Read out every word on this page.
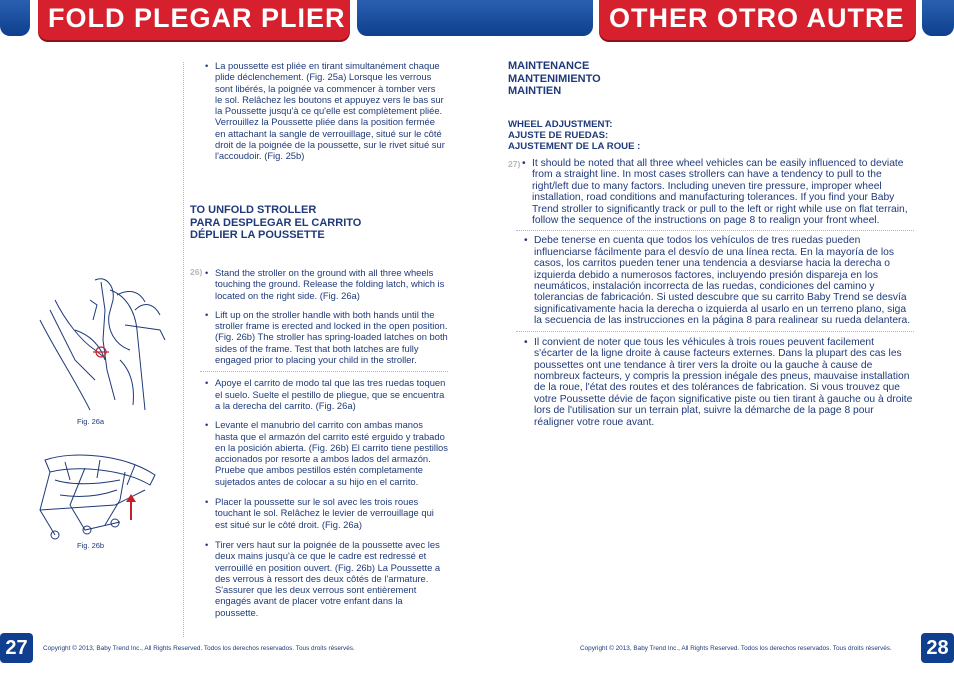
FOLD PLEGAR PLIER	OTHER OTRO AUTRE

• La poussette est pliée en tirant simultanément chaque plide déclenchement. (Fig. 25a) Lorsque les verrous sont libérés, la poignée va commencer à tomber vers le sol. Relâchez les boutons et appuyez vers le bas sur la Poussette jusqu'à ce qu'elle est complètement pliée. Verrouillez la Poussette pliée dans la position fermée en attachant la sangle de verrouillage, situé sur le côté droit de la poignée de la poussette, sur le rivet situé sur l'accoudoir. (Fig. 25b)

TO UNFOLD STROLLER

PARA DESPLEGAR EL CARRITO

DÉPLIER LA POUSSETTE

26)	• Stand the stroller on the ground with all three wheels touching the ground. Release the folding latch, which is located on the right side. (Fig. 26a)

• Lift up on the stroller handle with both hands until the stroller frame is erected and locked in the open position. (Fig. 26b) The stroller has spring-loaded latches on both sides of the frame. Test that both latches are fully engaged prior to placing your child in the stroller.

• Apoye el carrito de modo tal que las tres ruedas toquen el suelo. Suelte el pestillo de pliegue, que se encuentra a la derecha del carrito. (Fig. 26a)

• Levante el manubrio del carrito con ambas manos hasta que el armazón del carrito esté erguido y trabado en la posición abierta. (Fig. 26b) El carrito tiene pestillos accionados por resorte a ambos lados del armazón. Pruebe que ambos pestillos estén completamente sujetados antes de colocar a su hijo en el carrito.

• Placer la poussette sur le sol avec les trois roues touchant le sol. Relâchez le levier de verrouillage qui est situé sur le côté droit. (Fig. 26a)

• Tirer vers haut sur la poignée de la poussette avec les deux mains jusqu'à ce que le cadre est redressé et verrouillé en position ouvert. (Fig. 26b) La Poussette a des verrous à ressort des deux côtés de l'armature. S'assurer que les deux verrous sont entièrement engagés avant de placer votre enfant dans la poussette.

Fig. 26a
Fig. 26b
27	Copyright © 2013, Baby Trend Inc., All Rights Reserved. Todos los derechos reservados. Tous droits réservés.

MAINTENANCE

MANTENIMIENTO

MAINTIEN

WHEEL ADJUSTMENT:

AJUSTE DE RUEDAS:

AJUSTEMENT DE LA ROUE :

27)	• It should be noted that all three wheel vehicles can be easily influenced to deviate from a straight line. In most cases strollers can have a tendency to pull to the right/left due to many factors. Including uneven tire pressure, improper wheel installation, road conditions and manufacturing tolerances. If you find your Baby Trend stroller to significantly track or pull to the left or right while use on flat terrain, follow the sequence of the instructions on page 8 to realign your front wheel.

• Debe tenerse en cuenta que todos los vehículos de tres ruedas pueden influenciarse fácilmente para el desvío de una línea recta. En la mayoría de los casos, los carritos pueden tener una tendencia a desviarse hacia la derecha o izquierda debido a numerosos factores, incluyendo presión dispareja en los neumáticos, instalación incorrecta de las ruedas, condiciones del camino y tolerancias de fabricación. Si usted descubre que su carrito Baby Trend se desvía significativamente hacia la derecha o izquierda al usarlo en un terreno plano, siga la secuencia de las instrucciones en la página 8 para realinear su rueda delantera.

• Il convient de noter que tous les véhicules à trois roues peuvent facilement s'écarter de la ligne droite à cause facteurs externes. Dans la plupart des cas les poussettes ont une tendance à tirer vers la droite ou la gauche à cause de nombreux facteurs, y compris la pression inégale des pneus, mauvaise installation de la roue, l'état des routes et des tolérances de fabrication. Si vous trouvez que votre Poussette dévie de façon significative piste ou tien tirant à gauche ou à droite lors de l'utilisation sur un terrain plat, suivre la démarche de la page 8 pour réaligner votre roue avant.

Copyright © 2013, Baby Trend Inc., All Rights Reserved. Todos los derechos reservados. Tous droits réservés. 28
